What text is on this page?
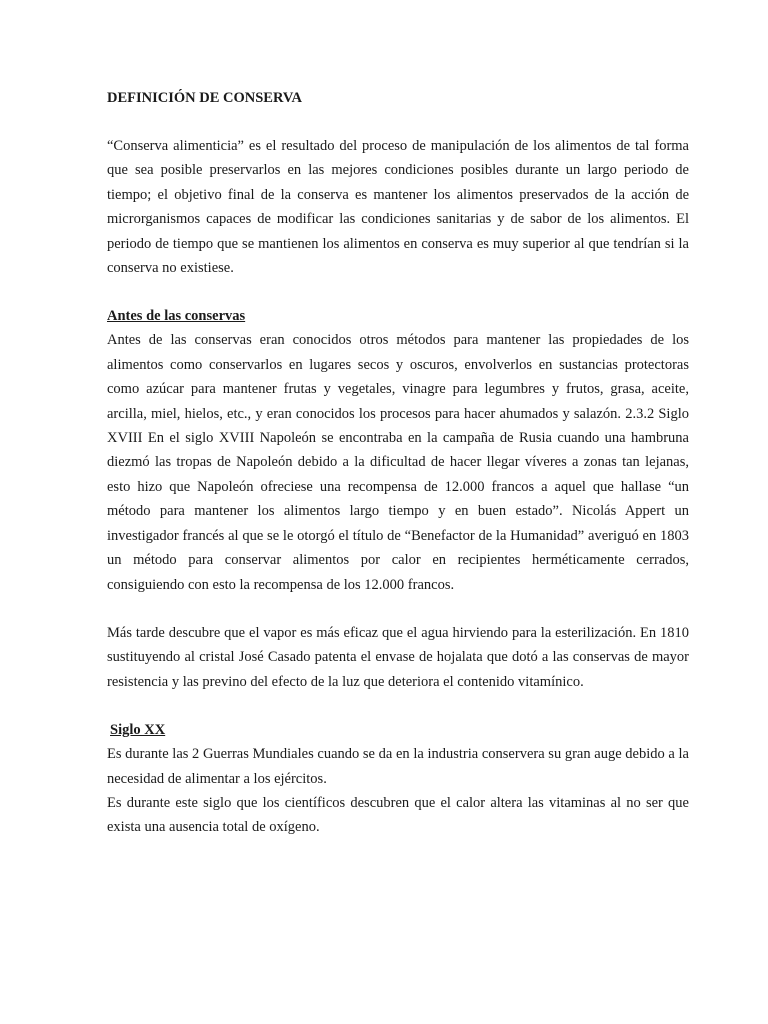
DEFINICIÓN DE CONSERVA

“Conserva alimenticia” es el resultado del proceso de manipulación de los alimentos de tal forma que sea posible preservarlos en las mejores condiciones posibles durante un largo periodo de tiempo; el objetivo final de la conserva es mantener los alimentos preservados de la acción de microrganismos capaces de modificar las condiciones sanitarias y de sabor de los alimentos. El periodo de tiempo que se mantienen los alimentos en conserva es muy superior al que tendrían si la conserva no existiese.

Antes de las conservas

Antes de las conservas eran conocidos otros métodos para mantener las propiedades de los alimentos como conservarlos en lugares secos y oscuros, envolverlos en sustancias protectoras como azúcar para mantener frutas y vegetales, vinagre para legumbres y frutos, grasa, aceite, arcilla, miel, hielos, etc., y eran conocidos los procesos para hacer ahumados y salazón. 2.3.2 Siglo XVIII En el siglo XVIII Napoleón se encontraba en la campaña de Rusia cuando una hambruna diezmó las tropas de Napoleón debido a la dificultad de hacer llegar víveres a zonas tan lejanas, esto hizo que Napoleón ofreciese una recompensa de 12.000 francos a aquel que hallase “un método para mantener los alimentos largo tiempo y en buen estado”. Nicolás Appert un investigador francés al que se le otorgó el título de “Benefactor de la Humanidad” averiguó en 1803 un método para conservar alimentos por calor en recipientes herméticamente cerrados, consiguiendo con esto la recompensa de los 12.000 francos.

Más tarde descubre que el vapor es más eficaz que el agua hirviendo para la esterilización. En 1810 sustituyendo al cristal José Casado patenta el envase de hojalata que dotó a las conservas de mayor resistencia y las previno del efecto de la luz que deteriora el contenido vitamínico.

Siglo XX

Es durante las 2 Guerras Mundiales cuando se da en la industria conservera su gran auge debido a la necesidad de alimentar a los ejércitos.

Es durante este siglo que los científicos descubren que el calor altera las vitaminas al no ser que exista una ausencia total de oxígeno.
